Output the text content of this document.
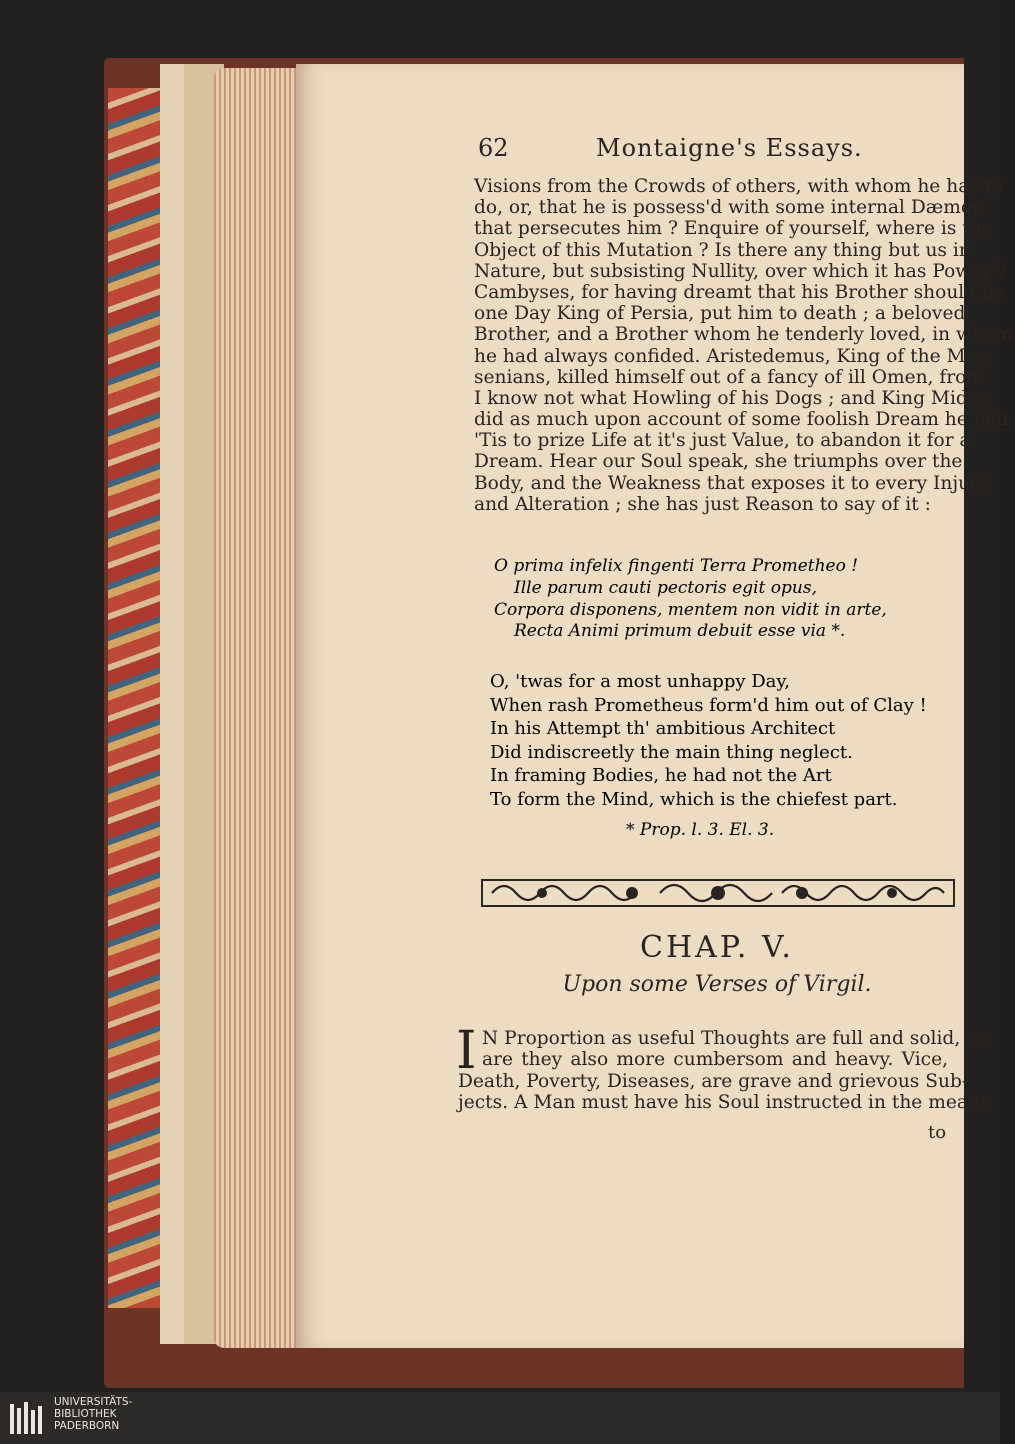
62	Montaigne's Essays.
Visions from the Crowds of others, with whom he has to
do, or, that he is possess'd with some internal Dæmon
that persecutes him ? Enquire of yourself, where is the
Object of this Mutation ? Is there any thing but us in
Nature, but subsisting Nullity, over which it has Power ?
Cambyses, for having dreamt that his Brother should be
one Day King of Persia, put him to death ; a beloved
Brother, and a Brother whom he tenderly loved, in whom
he had always confided. Aristedemus, King of the Mes-
senians, killed himself out of a fancy of ill Omen, from
I know not what Howling of his Dogs ; and King Midas
did as much upon account of some foolish Dream he had.
'Tis to prize Life at it's just Value, to abandon it for a
Dream. Hear our Soul speak, she triumphs over the
Body, and the Weakness that exposes it to every Injury
and Alteration ; she has just Reason to say of it :
O prima infelix fingenti Terra Prometheo !
Ille parum cauti pectoris egit opus,
Corpora disponens, mentem non vidit in arte,
Recta Animi primum debuit esse via *.
O, 'twas for a most unhappy Day,
When rash Prometheus form'd him out of Clay !
In his Attempt th' ambitious Architect
Did indiscreetly the main thing neglect.
In framing Bodies, he had not the Art
To form the Mind, which is the chiefest part.
* Prop. l. 3. El. 3.
CHAP. V.
Upon some Verses of Virgil.
I N Proportion as useful Thoughts are full and solid, so
are they also more cumbersom and heavy. Vice,
Death, Poverty, Diseases, are grave and grievous Sub-
jects. A Man must have his Soul instructed in the means
to
UNIVERSITÄTS-
BIBLIOTHEK
PADERBORN
